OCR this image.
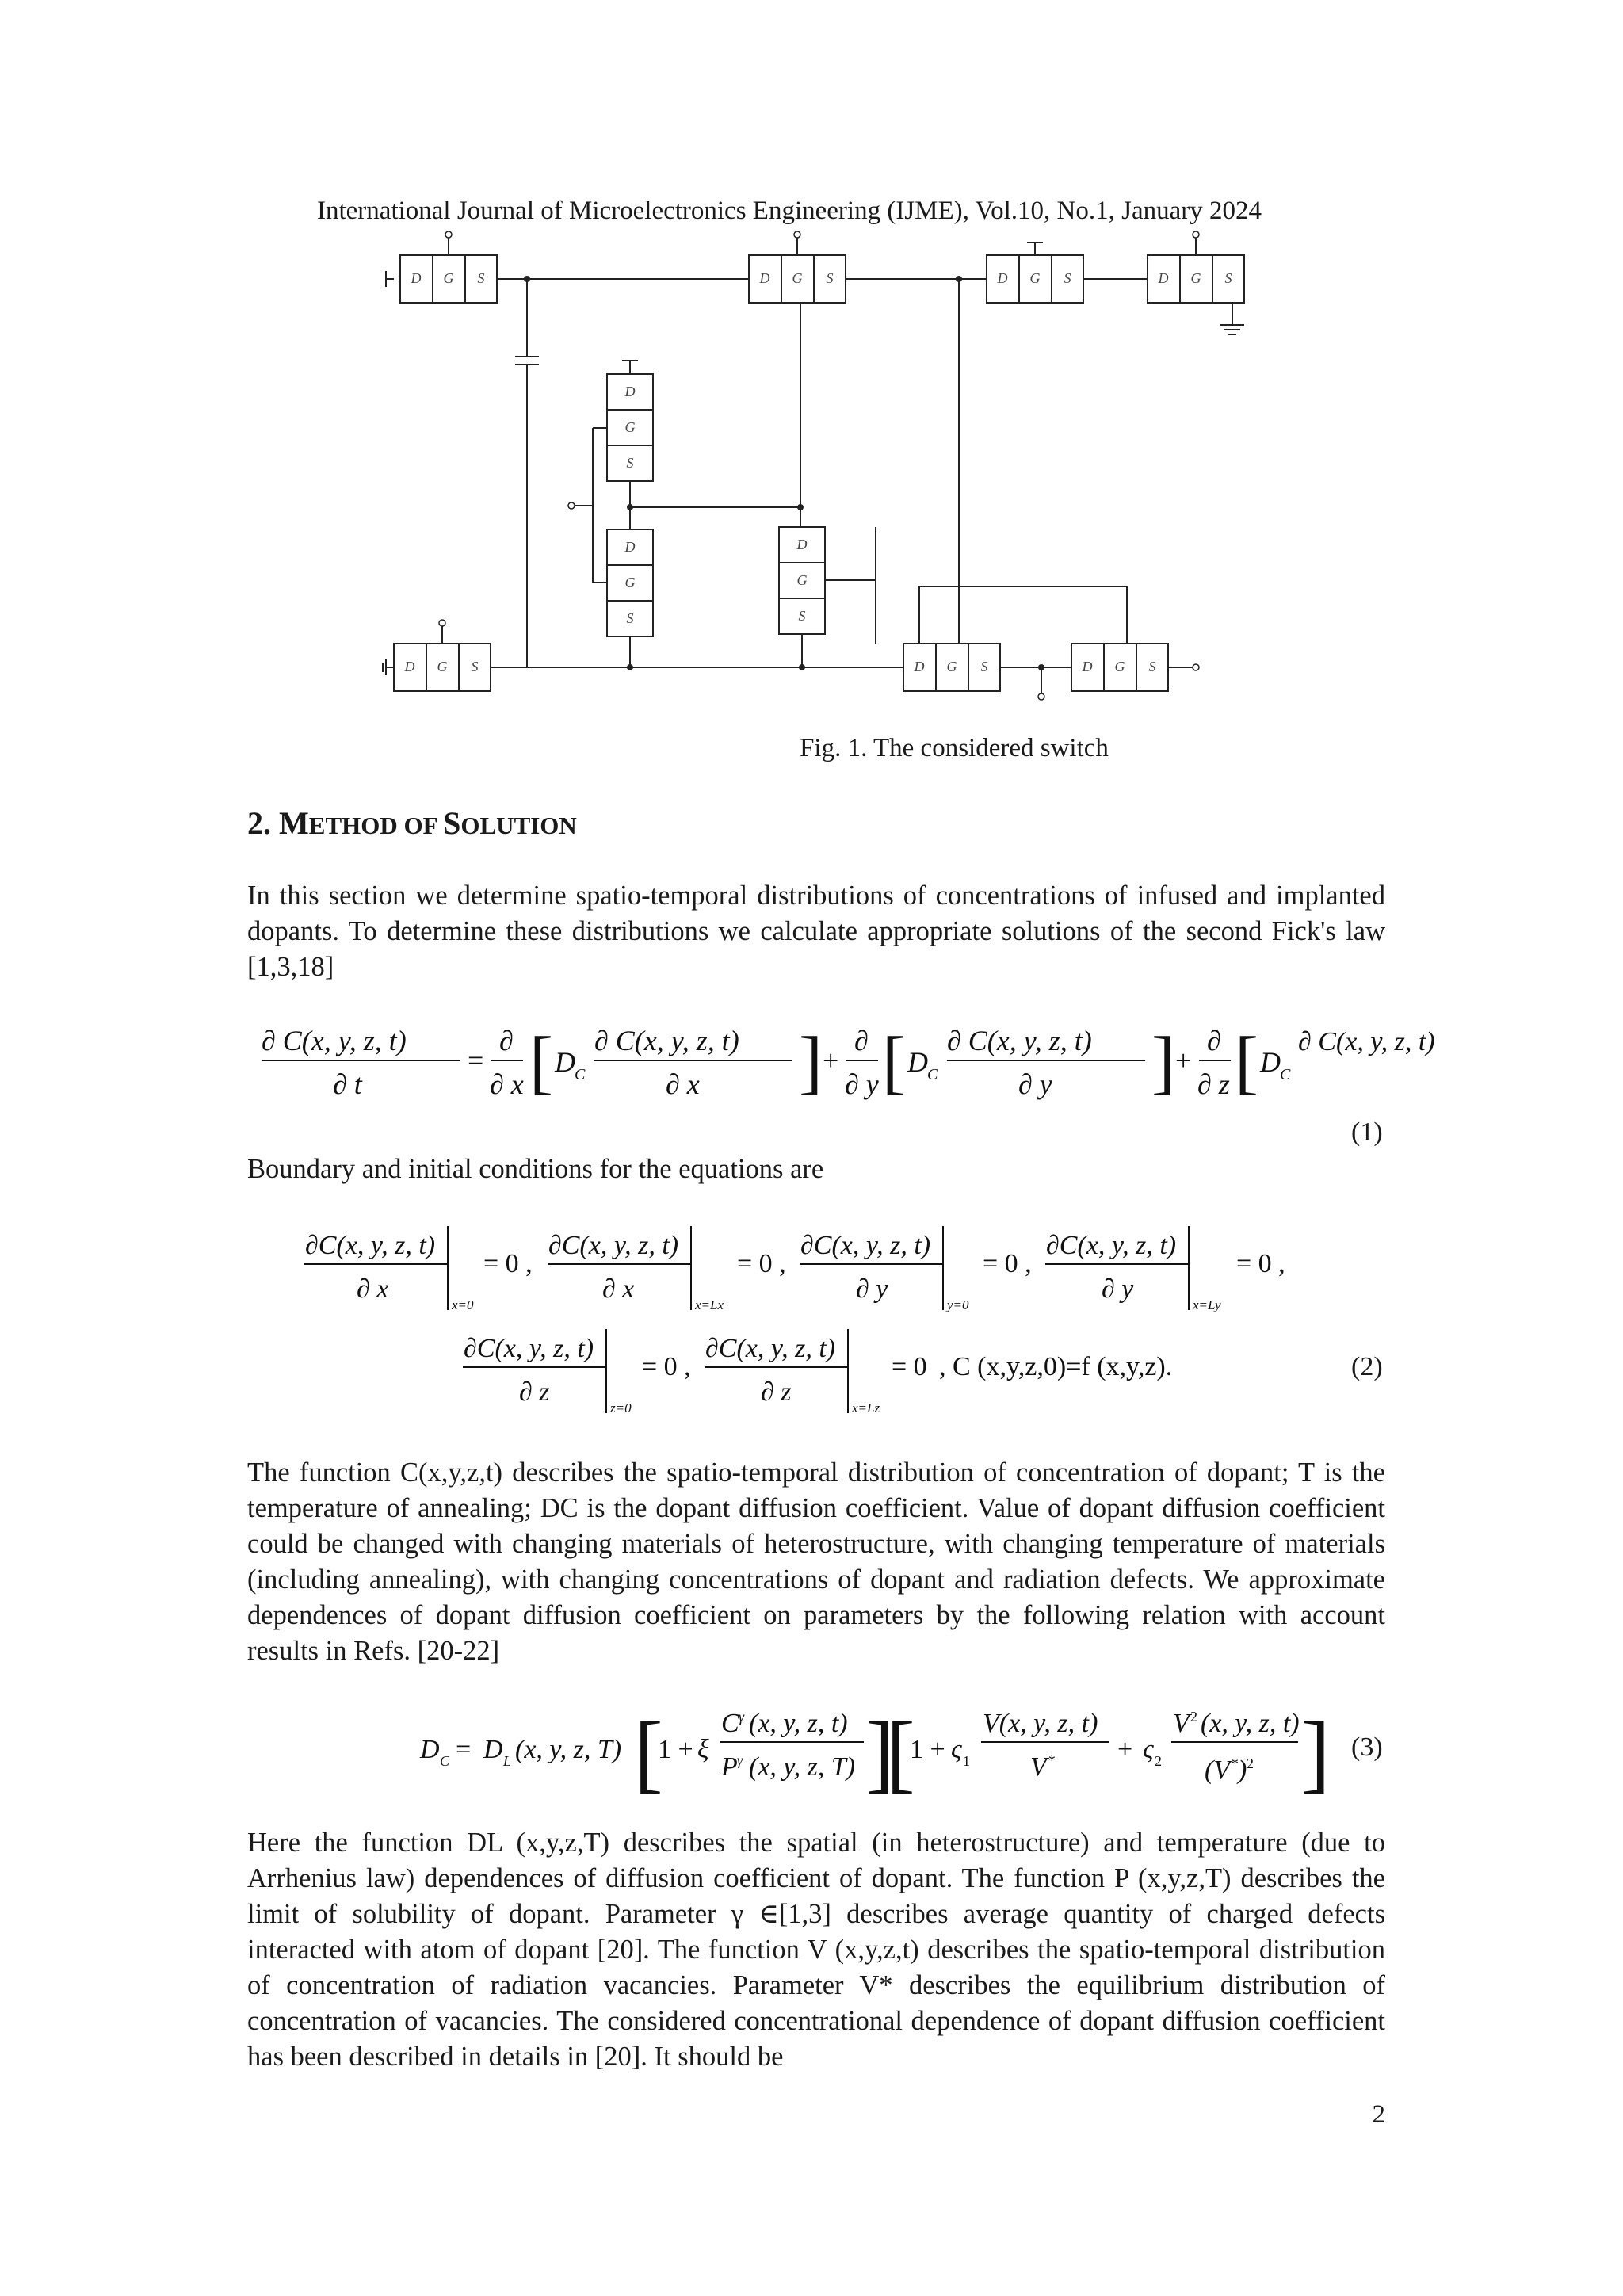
International Journal of Microelectronics Engineering (IJME), Vol.10, No.1, January 2024
D G S	D G S	D G S	D G S
D
G
S
D
G
S
D
G
S
D G S	D G S	D G S
Fig. 1. The considered switch
2. METHOD OF SOLUTION

In this section we determine spatio-temporal distributions of concentrations of infused and implanted dopants. To determine these distributions we calculate appropriate solutions of the second Fick's law [1,3,18]

∂ C(x, y, z, t)
∂ t
=
∂
∂ x [ D C
∂ C(x, y, z, t)
∂ x ] +
∂
∂ y [ D C
∂ C(x, y, z, t)
∂ y ] +
∂
∂ z [ D C
∂ C(x, y, z, t)
(1)

Boundary and initial conditions for the equations are

∂C(x, y, z, t)
∂ x
x=0
= 0 ,
∂C(x, y, z, t)
∂ x
x=Lx
= 0 ,
∂C(x, y, z, t)
∂ y
y=0
= 0 ,
∂C(x, y, z, t)
∂ y
x=Ly
= 0 ,
∂C(x, y, z, t)
∂ z
z=0
= 0 ,
∂C(x, y, z, t)
∂ z
x=Lz
= 0 , C (x,y,z,0)=f (x,y,z).	(2)

The function C(x,y,z,t) describes the spatio-temporal distribution of concentration of dopant; T is the temperature of annealing; DC is the dopant diffusion coefficient. Value of dopant diffusion coefficient could be changed with changing materials of heterostructure, with changing temperature of materials (including annealing), with changing concentrations of dopant and radiation defects. We approximate dependences of dopant diffusion coefficient on parameters by the following relation with account results in Refs. [20-22]

D C = D L (x, y, z, T) [
1 + ξ
C γ (x, y, z, t)
P γ (x, y, z, T) ]
[
1 + ς 1
V(x, y, z, t)
V * + ς 2
V 2 (x, y, z, t)
(V * ) 2 ] (3)

Here the function DL (x,y,z,T) describes the spatial (in heterostructure) and temperature (due to Arrhenius law) dependences of diffusion coefficient of dopant. The function P (x,y,z,T) describes the limit of solubility of dopant. Parameter γ ∈[1,3] describes average quantity of charged defects interacted with atom of dopant [20]. The function V (x,y,z,t) describes the spatio-temporal distribution of concentration of radiation vacancies. Parameter V* describes the equilibrium distribution of concentration of vacancies. The considered concentrational dependence of dopant diffusion coefficient has been described in details in [20]. It should be

2
